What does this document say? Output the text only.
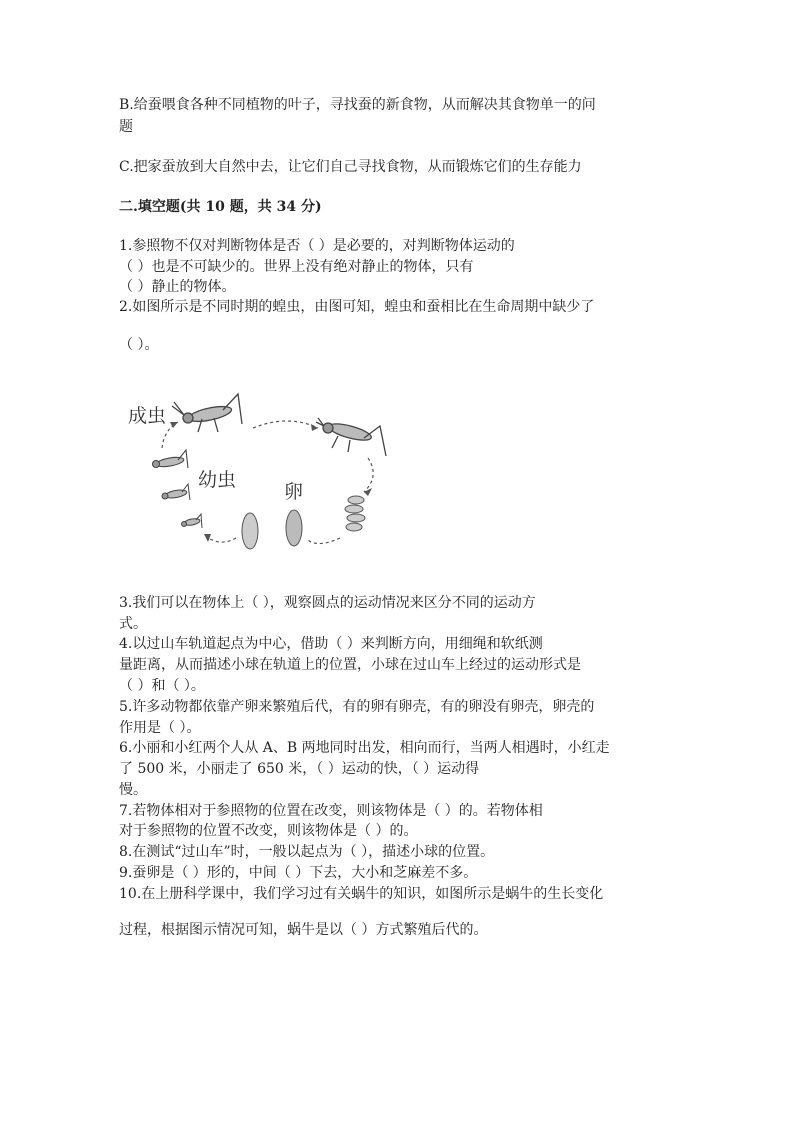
B.给蚕喂食各种不同植物的叶子，寻找蚕的新食物，从而解决其食物单一的问
题
C.把家蚕放到大自然中去，让它们自己寻找食物，从而锻炼它们的生存能力
二.填空题(共 10 题，共 34 分)
1.参照物不仅对判断物体是否（ ）是必要的，对判断物体运动的
（ ）也是不可缺少的。世界上没有绝对静止的物体，只有
（ ）静止的物体。
2.如图所示是不同时期的蝗虫，由图可知，蝗虫和蚕相比在生命周期中缺少了
（ ）。
成虫
幼虫
卵
3.我们可以在物体上（ ），观察圆点的运动情况来区分不同的运动方
式。
4.以过山车轨道起点为中心，借助（ ）来判断方向，用细绳和软纸测
量距离，从而描述小球在轨道上的位置，小球在过山车上经过的运动形式是
（ ）和（ ）。
5.许多动物都依靠产卵来繁殖后代，有的卵有卵壳，有的卵没有卵壳，卵壳的
作用是（ ）。
6.小丽和小红两个人从 A、B 两地同时出发，相向而行，当两人相遇时，小红走
了 500 米，小丽走了 650 米，（ ）运动的快，（ ）运动得
慢。
7.若物体相对于参照物的位置在改变，则该物体是（ ）的。若物体相
对于参照物的位置不改变，则该物体是（ ）的。
8.在测试“过山车”时，一般以起点为（ ），描述小球的位置。
9.蚕卵是（ ）形的，中间（ ）下去，大小和芝麻差不多。
10.在上册科学课中，我们学习过有关蜗牛的知识，如图所示是蜗牛的生长变化
过程，根据图示情况可知，蜗牛是以（ ）方式繁殖后代的。
